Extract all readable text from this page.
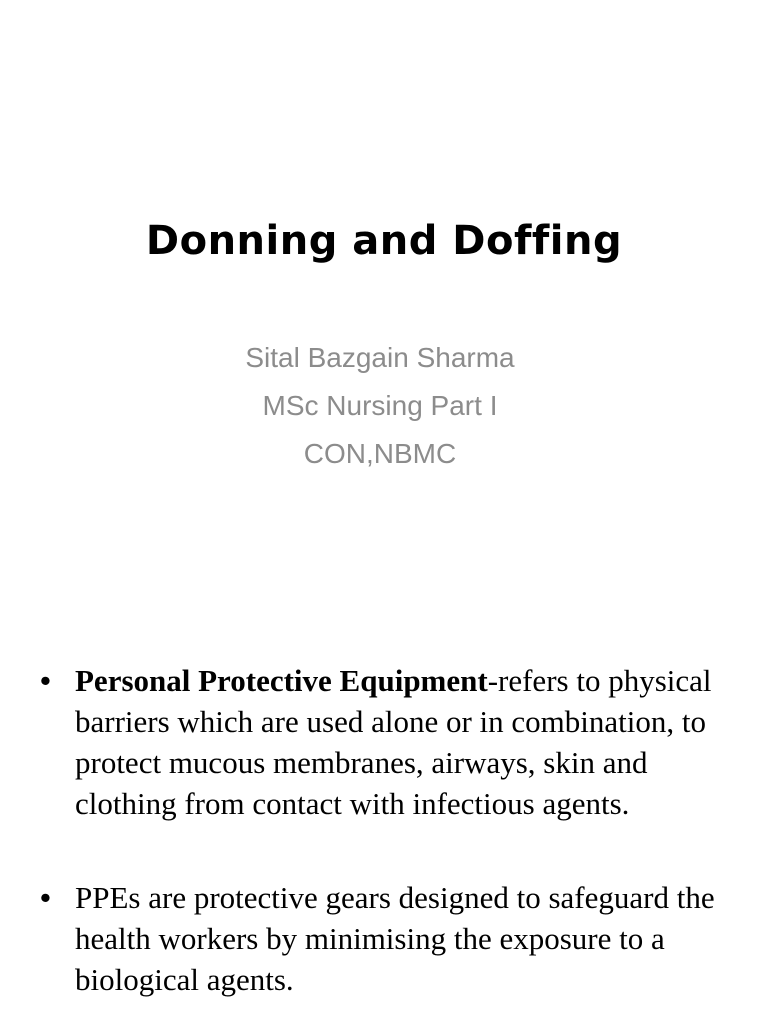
Donning and Doffing
Sital Bazgain Sharma
MSc Nursing Part I
CON,NBMC
• Personal Protective Equipment-refers to physical barriers which are used alone or in combination, to protect mucous membranes, airways, skin and clothing from contact with infectious agents.
• PPEs are protective gears designed to safeguard the health workers by minimising the exposure to a biological agents.
